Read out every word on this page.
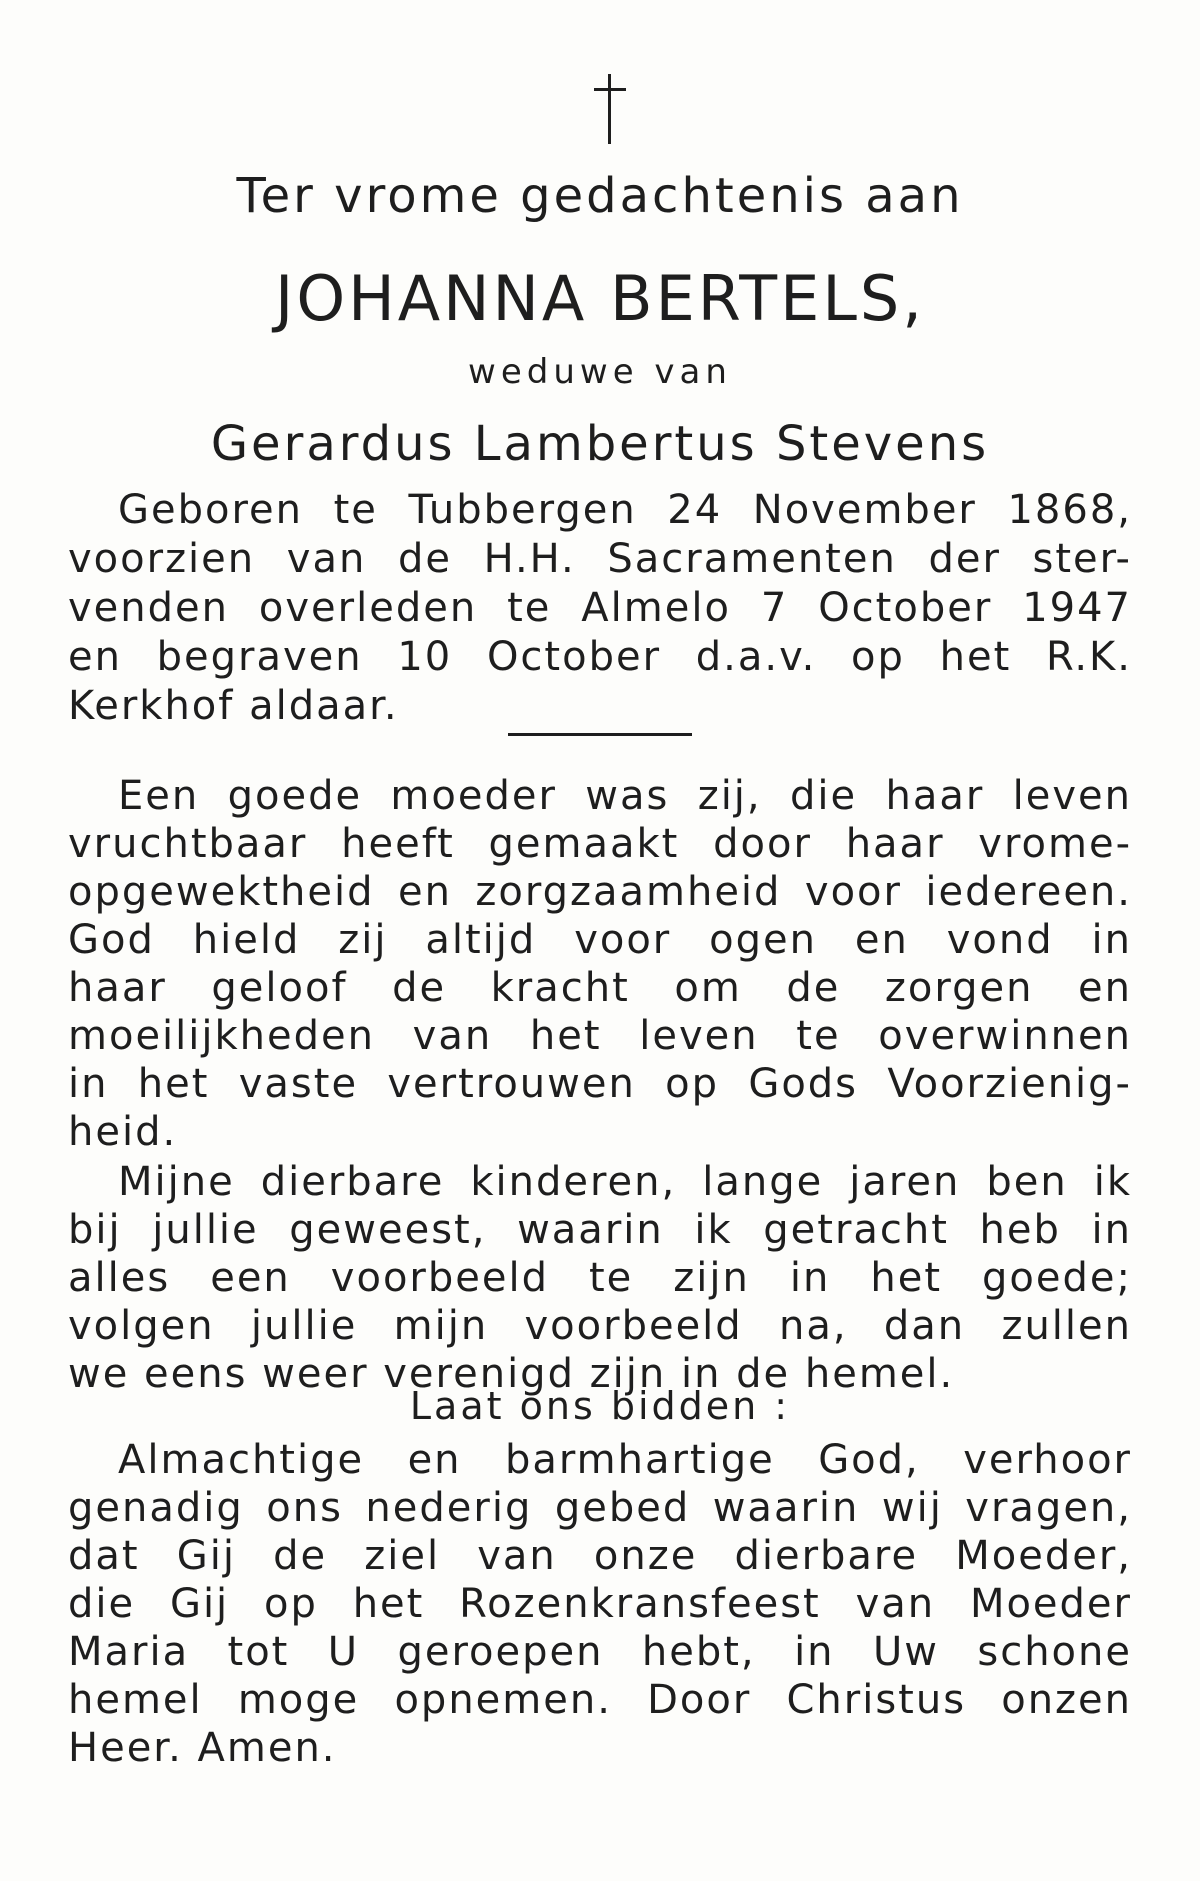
Ter vrome gedachtenis aan
JOHANNA BERTELS,
weduwe van
Gerardus Lambertus Stevens
Geboren te Tubbergen 24 November 1868,
voorzien van de H.H. Sacramenten der ster-
venden overleden te Almelo 7 October 1947
en begraven 10 October d.a.v. op het R.K.
Kerkhof aldaar.
Een goede moeder was zij, die haar leven
vruchtbaar heeft gemaakt door haar vrome-
opgewektheid en zorgzaamheid voor iedereen.
God hield zij altijd voor ogen en vond in
haar geloof de kracht om de zorgen en
moeilijkheden van het leven te overwinnen
in het vaste vertrouwen op Gods Voorzienig-
heid.
Mijne dierbare kinderen, lange jaren ben ik
bij jullie geweest, waarin ik getracht heb in
alles een voorbeeld te zijn in het goede;
volgen jullie mijn voorbeeld na, dan zullen
we eens weer verenigd zijn in de hemel.
Laat ons bidden :
Almachtige en barmhartige God, verhoor
genadig ons nederig gebed waarin wij vragen,
dat Gij de ziel van onze dierbare Moeder,
die Gij op het Rozenkransfeest van Moeder
Maria tot U geroepen hebt, in Uw schone
hemel moge opnemen. Door Christus onzen
Heer. Amen.
